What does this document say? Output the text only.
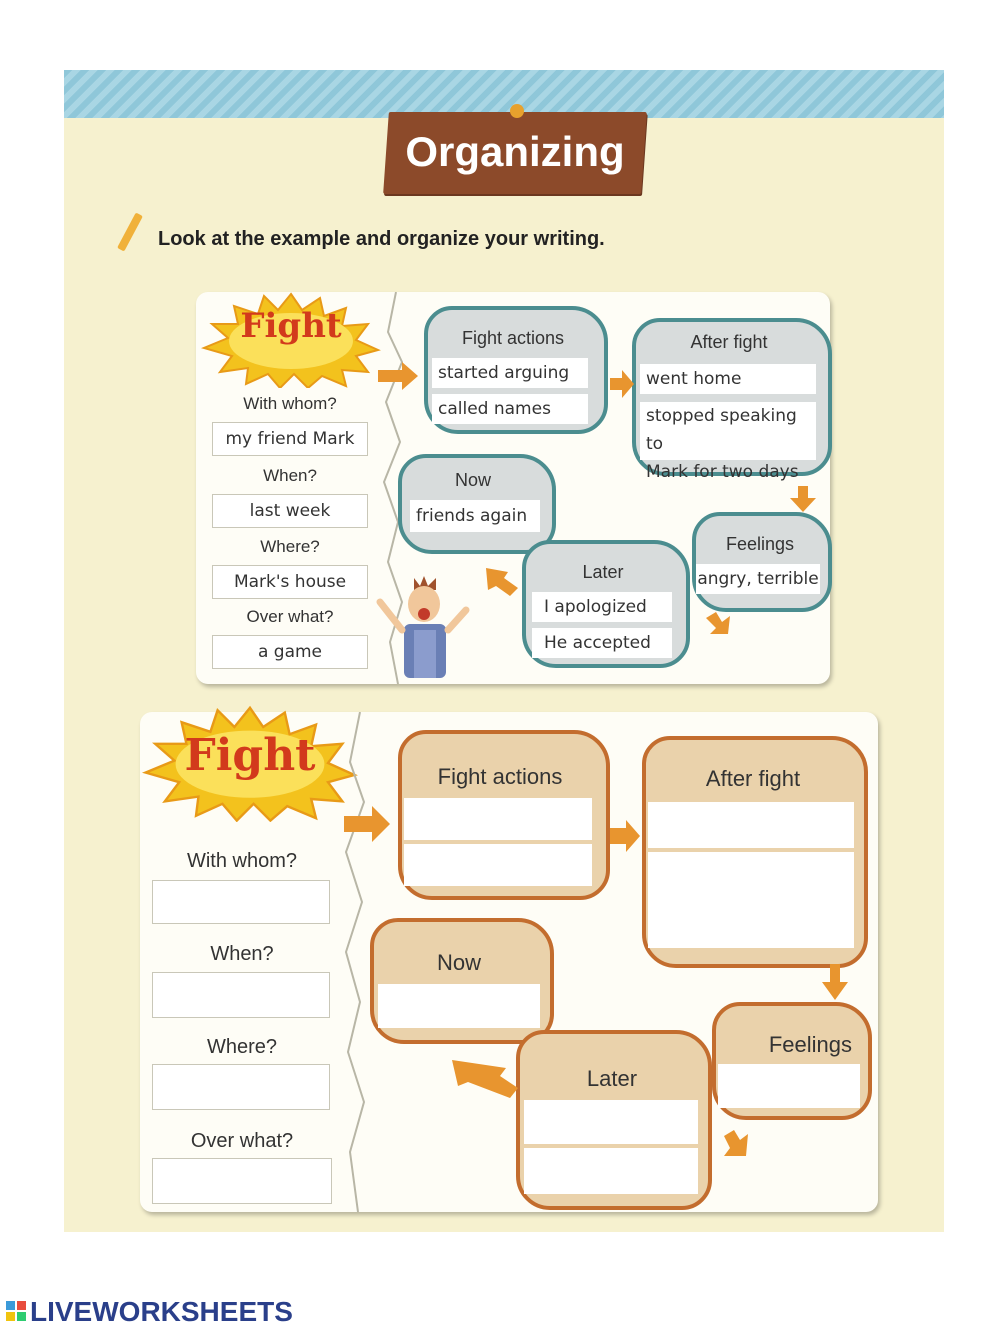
Organizing
Look at the example and organize your writing.
Fight
With whom?
my friend Mark
When?
last week
Where?
Mark's house
Over what?
a game
Fight actions
started arguing
called names
After fight
went home
stopped speaking to
Mark for two days
Now
friends again
Feelings
angry, terrible
Later
I apologized
He accepted
Fight
With whom?
When?
Where?
Over what?
Fight actions	After fight
Now
Feelings
Later
LIVEWORKSHEETS
